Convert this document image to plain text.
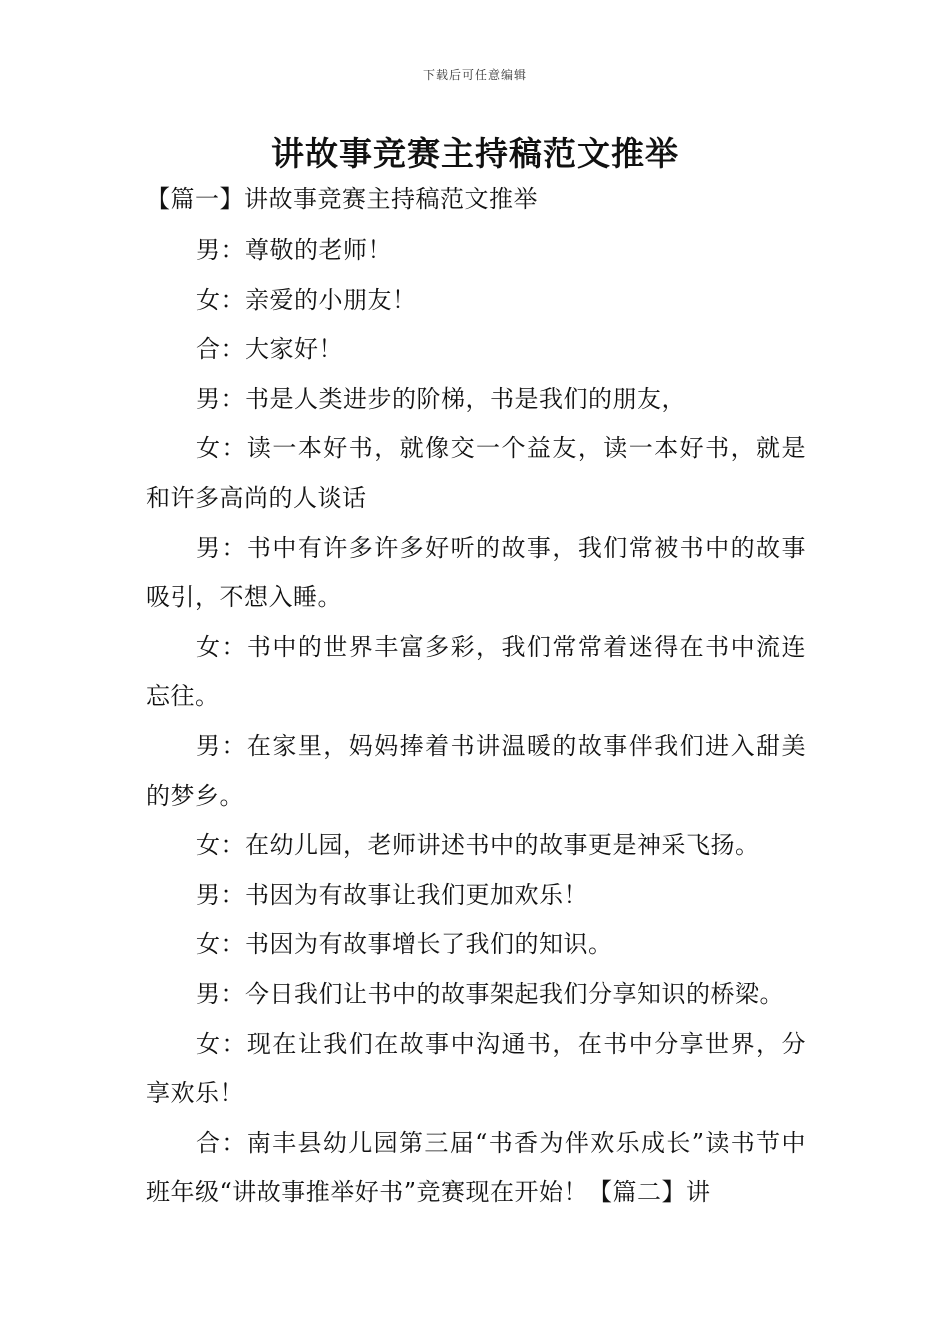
下载后可任意编辑
讲故事竞赛主持稿范文推举

【篇一】讲故事竞赛主持稿范文推举

男：尊敬的老师！

女：亲爱的小朋友！

合：大家好！

男：书是人类进步的阶梯，书是我们的朋友，

女：读一本好书，就像交一个益友，读一本好书，就是和许多高尚的人谈话

男：书中有许多许多好听的故事，我们常被书中的故事吸引，不想入睡。

女：书中的世界丰富多彩，我们常常着迷得在书中流连忘往。

男：在家里，妈妈捧着书讲温暖的故事伴我们进入甜美的梦乡。

女：在幼儿园，老师讲述书中的故事更是神采飞扬。

男：书因为有故事让我们更加欢乐！

女：书因为有故事增长了我们的知识。

男：今日我们让书中的故事架起我们分享知识的桥梁。

女：现在让我们在故事中沟通书，在书中分享世界，分享欢乐！

合：南丰县幼儿园第三届“书香为伴欢乐成长”读书节中班年级“讲故事推举好书”竞赛现在开始！【篇二】讲
